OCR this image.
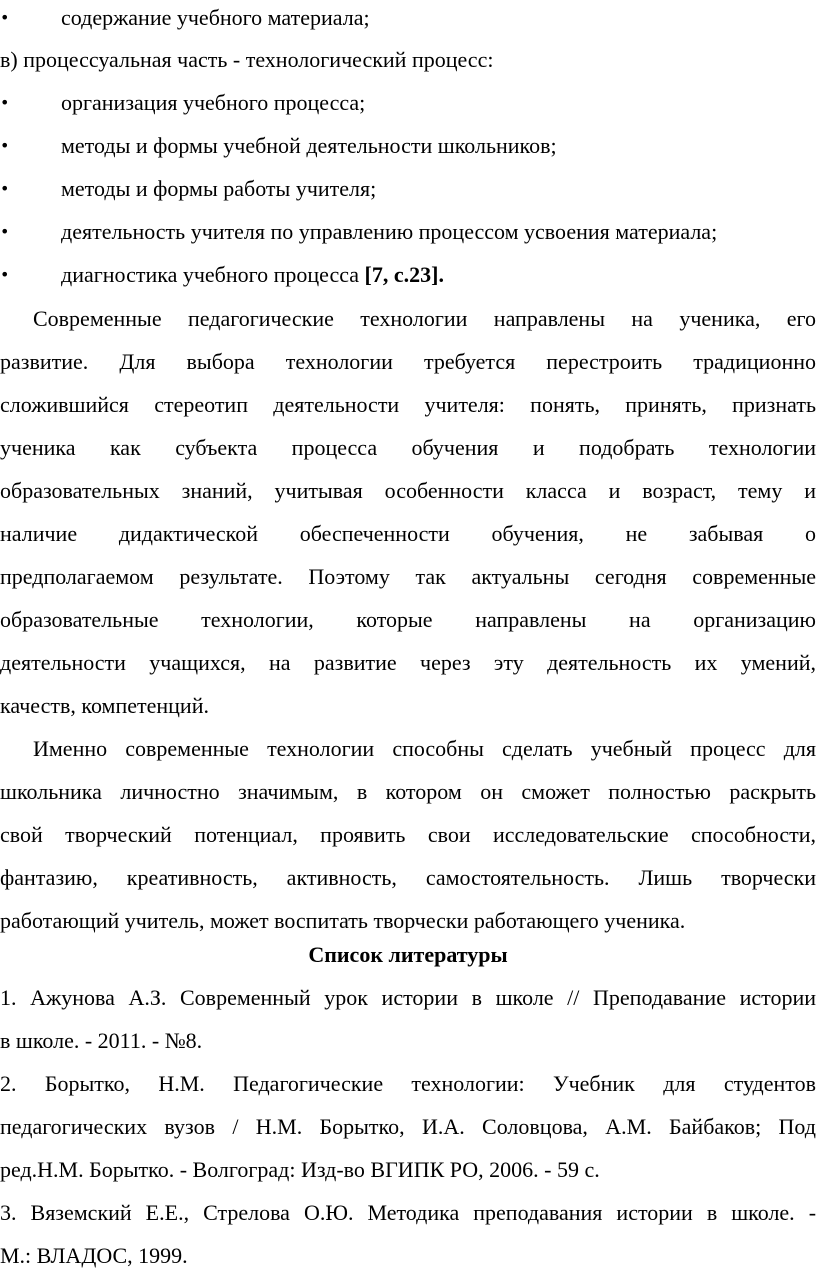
• содержание учебного материала;
в) процессуальная часть - технологический процесс:
• организация учебного процесса;
• методы и формы учебной деятельности школьников;
• методы и формы работы учителя;
• деятельность учителя по управлению процессом усвоения материала;
• диагностика учебного процесса [7, с.23].
Современные педагогические технологии направлены на ученика, его
развитие. Для выбора технологии требуется перестроить традиционно
сложившийся стереотип деятельности учителя: понять, принять, признать
ученика как субъекта процесса обучения и подобрать технологии
образовательных знаний, учитывая особенности класса и возраст, тему и
наличие дидактической обеспеченности обучения, не забывая о
предполагаемом результате. Поэтому так актуальны сегодня современные
образовательные технологии, которые направлены на организацию
деятельности учащихся, на развитие через эту деятельность их умений,
качеств, компетенций.
Именно современные технологии способны сделать учебный процесс для
школьника личностно значимым, в котором он сможет полностью раскрыть
свой творческий потенциал, проявить свои исследовательские способности,
фантазию, креативность, активность, самостоятельность. Лишь творчески
работающий учитель, может воспитать творчески работающего ученика.
Список литературы
1. Ажунова А.З. Современный урок истории в школе // Преподавание истории
в школе. - 2011. - №8.
2. Борытко, Н.М. Педагогические технологии: Учебник для студентов
педагогических вузов / Н.М. Борытко, И.А. Соловцова, А.М. Байбаков; Под
ред.Н.М. Борытко. - Волгоград: Изд-во ВГИПК РО, 2006. - 59 с.
3. Вяземский Е.Е., Стрелова О.Ю. Методика преподавания истории в школе. -
М.: ВЛАДОС, 1999.
